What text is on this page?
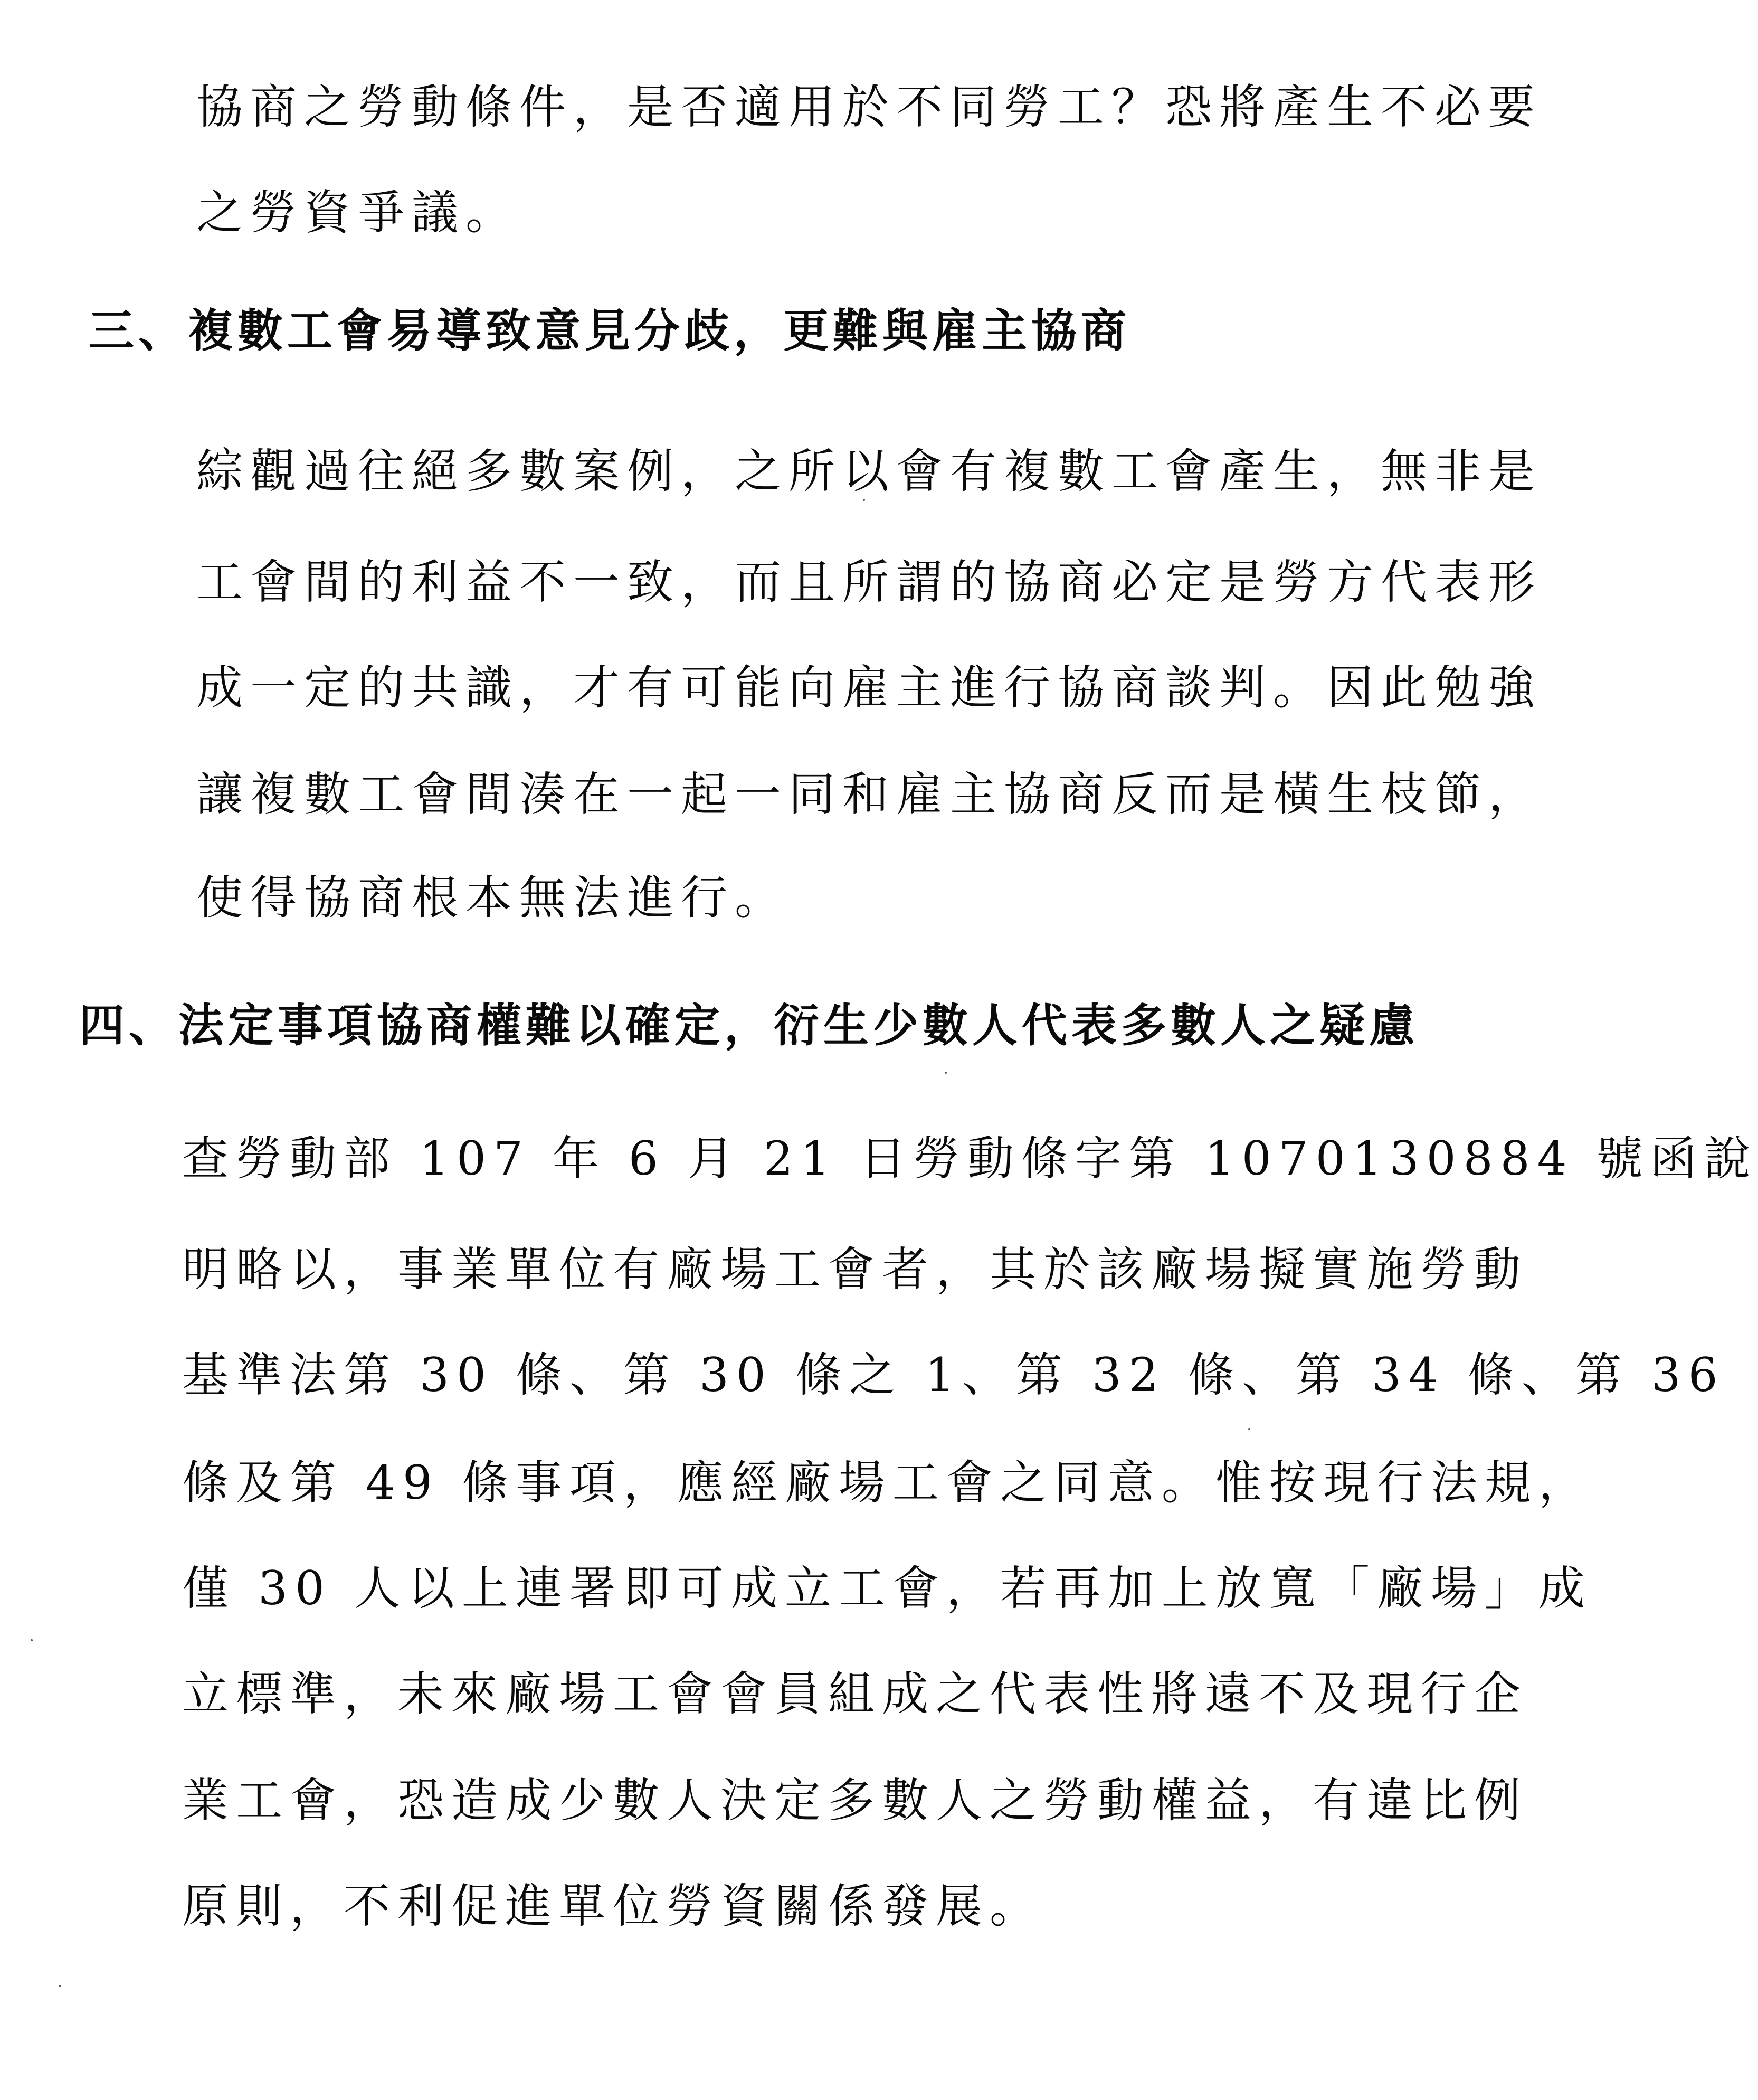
協商之勞動條件，是否適用於不同勞工？恐將產生不必要
之勞資爭議。
三、複數工會易導致意見分歧，更難與雇主協商
綜觀過往絕多數案例，之所以會有複數工會產生，無非是
工會間的利益不一致，而且所謂的協商必定是勞方代表形
成一定的共識，才有可能向雇主進行協商談判。因此勉強
讓複數工會間湊在一起一同和雇主協商反而是橫生枝節，
使得協商根本無法進行。
四、法定事項協商權難以確定，衍生少數人代表多數人之疑慮
查勞動部 107 年 6 月 21 日勞動條字第 1070130884 號函說
明略以，事業單位有廠場工會者，其於該廠場擬實施勞動
基準法第 30 條、第 30 條之 1、第 32 條、第 34 條、第 36
條及第 49 條事項，應經廠場工會之同意。惟按現行法規，
僅 30 人以上連署即可成立工會，若再加上放寬「廠場」成
立標準，未來廠場工會會員組成之代表性將遠不及現行企
業工會，恐造成少數人決定多數人之勞動權益，有違比例
原則，不利促進單位勞資關係發展。
